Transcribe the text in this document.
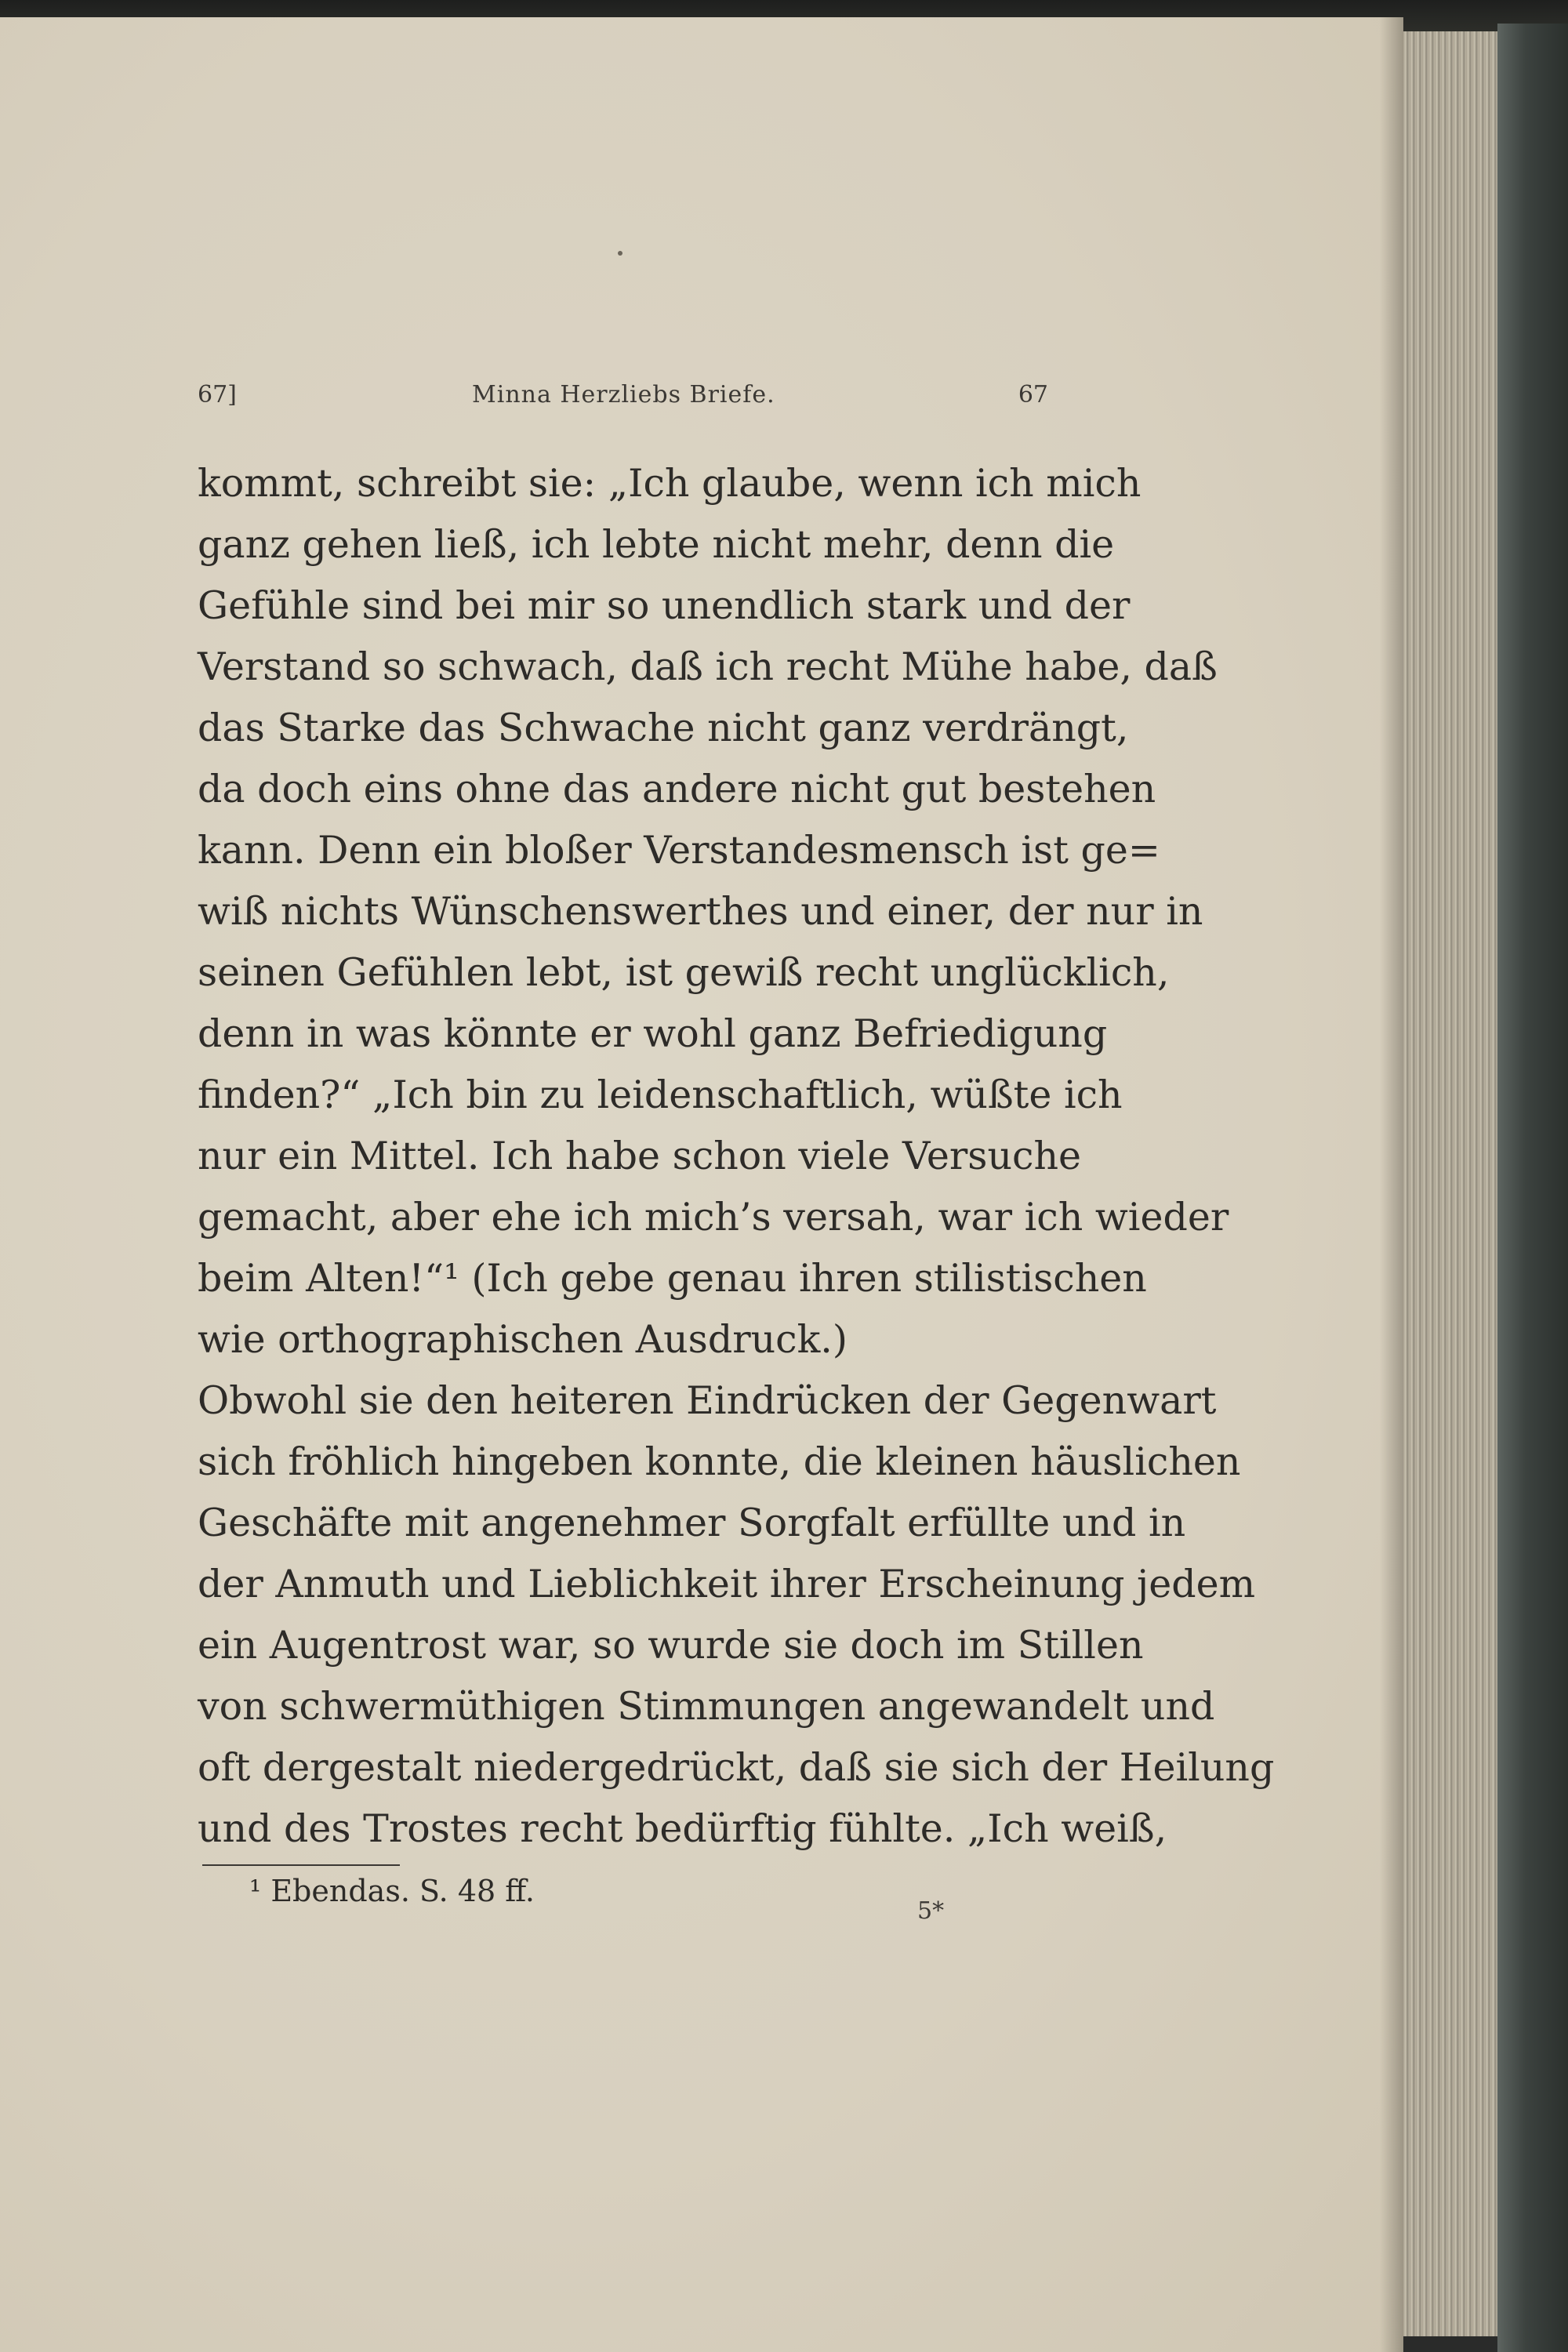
67]	Minna Herzliebs Briefe.	67
kommt, schreibt sie: „Ich glaube, wenn ich mich
ganz gehen ließ, ich lebte nicht mehr, denn die
Gefühle sind bei mir so unendlich stark und der
Verstand so schwach, daß ich recht Mühe habe, daß
das Starke das Schwache nicht ganz verdrängt,
da doch eins ohne das andere nicht gut bestehen
kann. Denn ein bloßer Verstandesmensch ist ge=
wiß nichts Wünschenswerthes und einer, der nur in
seinen Gefühlen lebt, ist gewiß recht unglücklich,
denn in was könnte er wohl ganz Befriedigung
finden?“ „Ich bin zu leidenschaftlich, wüßte ich
nur ein Mittel. Ich habe schon viele Versuche
gemacht, aber ehe ich mich’s versah, war ich wieder
beim Alten!“¹ (Ich gebe genau ihren stilistischen
wie orthographischen Ausdruck.)
Obwohl sie den heiteren Eindrücken der Gegenwart
sich fröhlich hingeben konnte, die kleinen häuslichen
Geschäfte mit angenehmer Sorgfalt erfüllte und in
der Anmuth und Lieblichkeit ihrer Erscheinung jedem
ein Augentrost war, so wurde sie doch im Stillen
von schwermüthigen Stimmungen angewandelt und
oft dergestalt niedergedrückt, daß sie sich der Heilung
und des Trostes recht bedürftig fühlte. „Ich weiß,
¹ Ebendas. S. 48 ff.
5*
